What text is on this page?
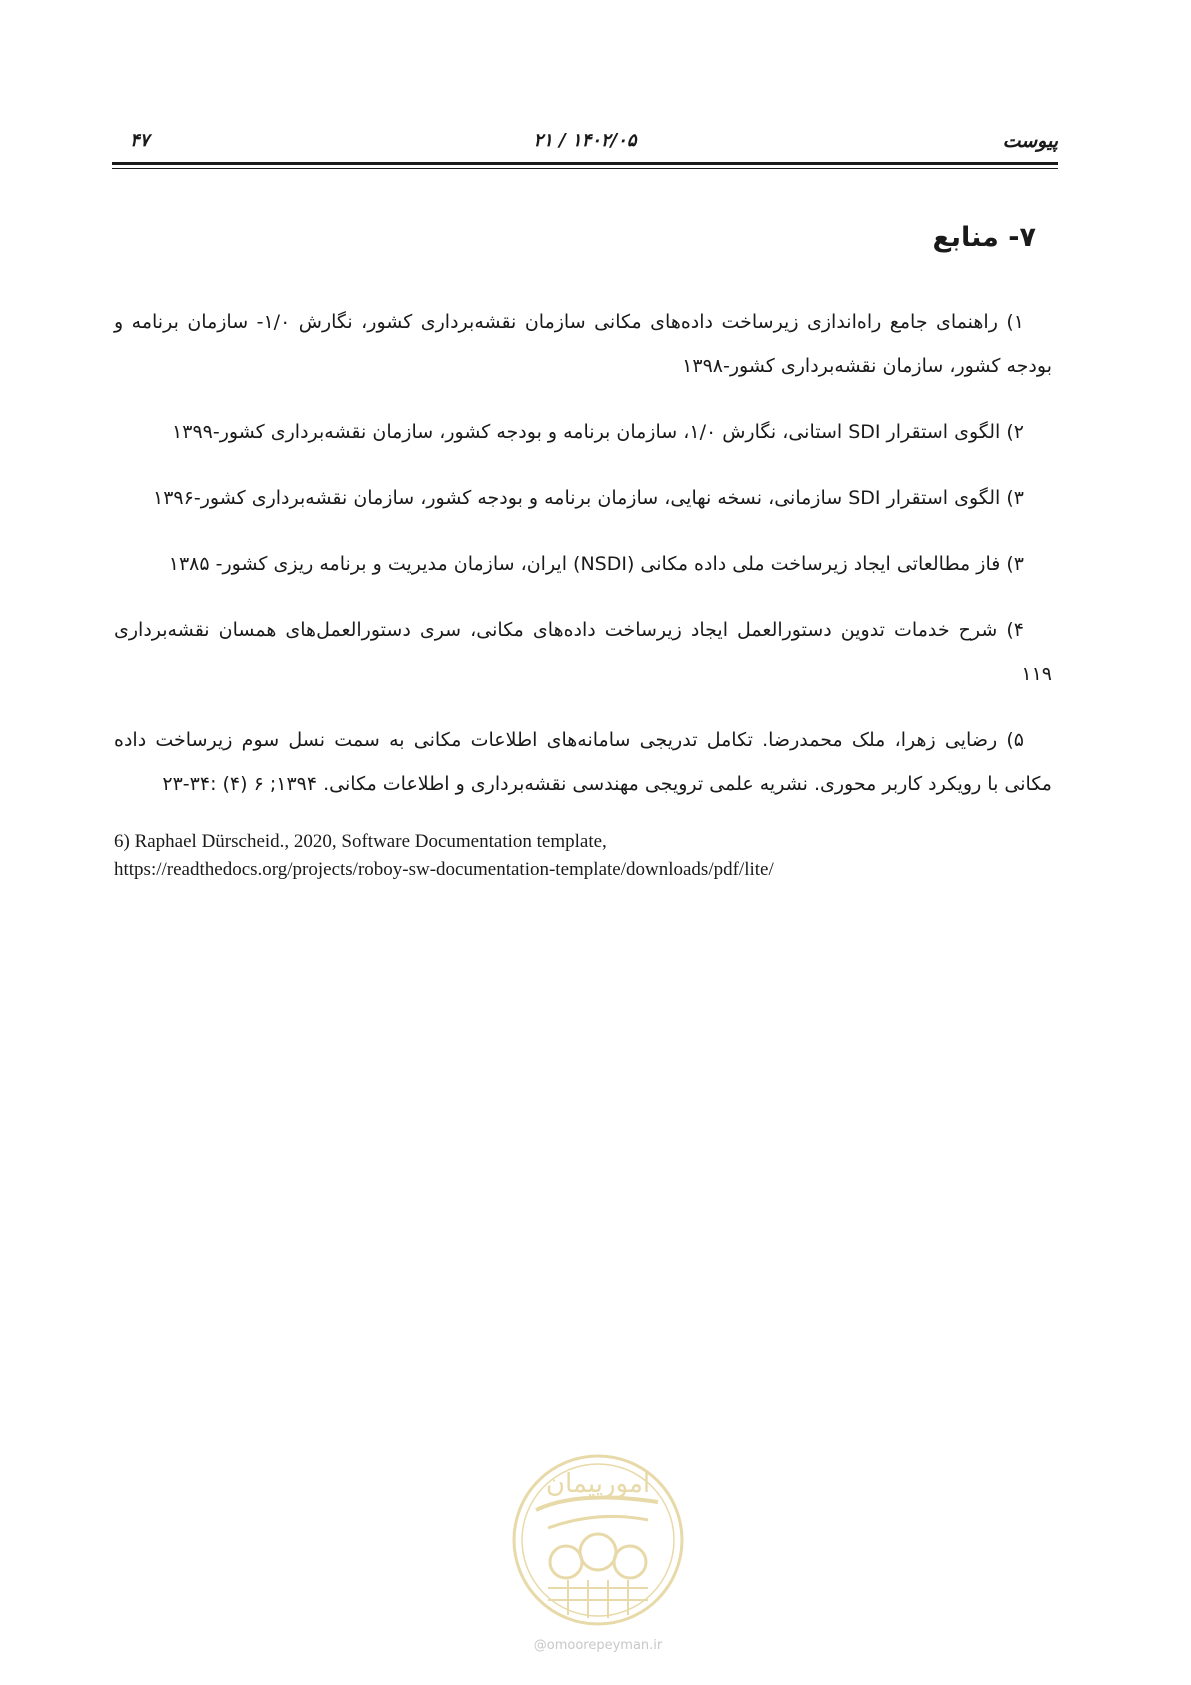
پیوست
۱۴۰۲/۰۵ / ۲۱
۴۷
۷- منابع

۱) راهنمای جامع راه‌اندازی زیرساخت داده‌های مکانی سازمان نقشه‌برداری کشور، نگارش ۱/۰- سازمان برنامه و بودجه کشور، سازمان نقشه‌برداری کشور-۱۳۹۸

۲) الگوی استقرار SDI استانی، نگارش ۱/۰، سازمان برنامه و بودجه کشور، سازمان نقشه‌برداری کشور-۱۳۹۹

۳) الگوی استقرار SDI سازمانی، نسخه نهایی، سازمان برنامه و بودجه کشور، سازمان نقشه‌برداری کشور-۱۳۹۶

۳) فاز مطالعاتی ایجاد زیرساخت ملی داده مکانی (NSDI) ایران، سازمان مدیریت و برنامه ریزی کشور- ۱۳۸۵

۴) شرح خدمات تدوین دستورالعمل ایجاد زیرساخت داده‌های مکانی، سری دستورالعمل‌های همسان نقشه‌برداری ۱۱۹

۵) رضایی زهرا، ملک محمدرضا. تکامل تدریجی سامانه‌های اطلاعات مکانی به سمت نسل سوم زیرساخت داده مکانی با رویکرد کاربر محوری. نشریه علمی ترویجی مهندسی نقشه‌برداری و اطلاعات مکانی. ۱۳۹۴; ۶ (۴) :۳۴-۲۳

6) Raphael Dürscheid., 2020, Software Documentation template,
https://readthedocs.org/projects/roboy-sw-documentation-template/downloads/pdf/lite/

امورپیمان
@omoorepeyman.ir
